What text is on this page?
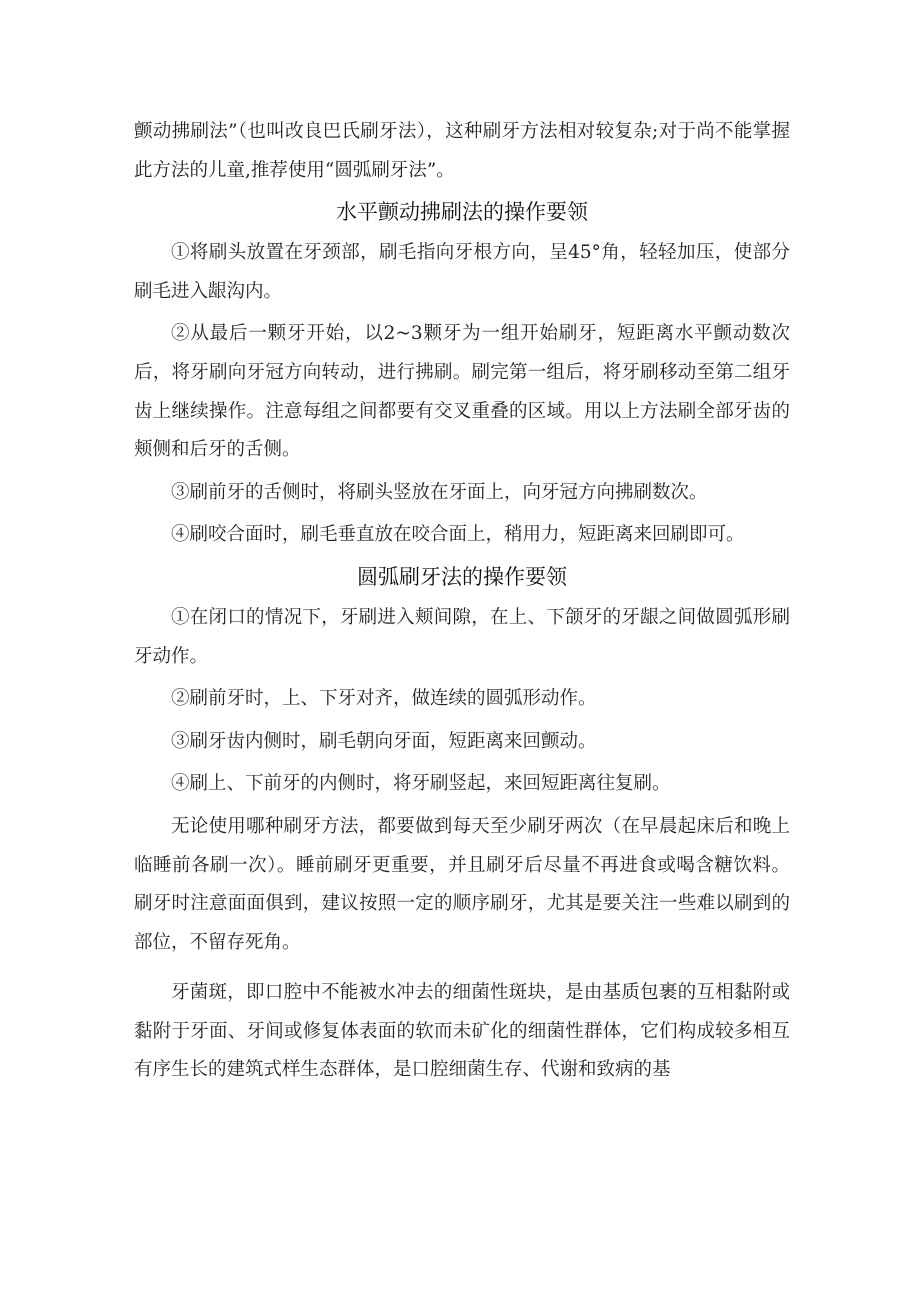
颤动拂刷法”（也叫改良巴氏刷牙法），这种刷牙方法相对较复杂;对于尚不能掌握此方法的儿童,推荐使用“圆弧刷牙法”。

水平颤动拂刷法的操作要领

①将刷头放置在牙颈部，刷毛指向牙根方向，呈45°角，轻轻加压，使部分刷毛进入龈沟内。

②从最后一颗牙开始，以2~3颗牙为一组开始刷牙，短距离水平颤动数次后，将牙刷向牙冠方向转动，进行拂刷。刷完第一组后，将牙刷移动至第二组牙齿上继续操作。注意每组之间都要有交叉重叠的区域。用以上方法刷全部牙齿的颊侧和后牙的舌侧。

③刷前牙的舌侧时，将刷头竖放在牙面上，向牙冠方向拂刷数次。

④刷咬合面时，刷毛垂直放在咬合面上，稍用力，短距离来回刷即可。

圆弧刷牙法的操作要领

①在闭口的情况下，牙刷进入颊间隙，在上、下颌牙的牙龈之间做圆弧形刷牙动作。

②刷前牙时，上、下牙对齐，做连续的圆弧形动作。

③刷牙齿内侧时，刷毛朝向牙面，短距离来回颤动。

④刷上、下前牙的内侧时，将牙刷竖起，来回短距离往复刷。

无论使用哪种刷牙方法，都要做到每天至少刷牙两次（在早晨起床后和晚上临睡前各刷一次）。睡前刷牙更重要，并且刷牙后尽量不再进食或喝含糖饮料。刷牙时注意面面俱到，建议按照一定的顺序刷牙，尤其是要关注一些难以刷到的部位，不留存死角。

牙菌斑，即口腔中不能被水冲去的细菌性斑块，是由基质包裹的互相黏附或黏附于牙面、牙间或修复体表面的软而未矿化的细菌性群体，它们构成较多相互有序生长的建筑式样生态群体，是口腔细菌生存、代谢和致病的基
